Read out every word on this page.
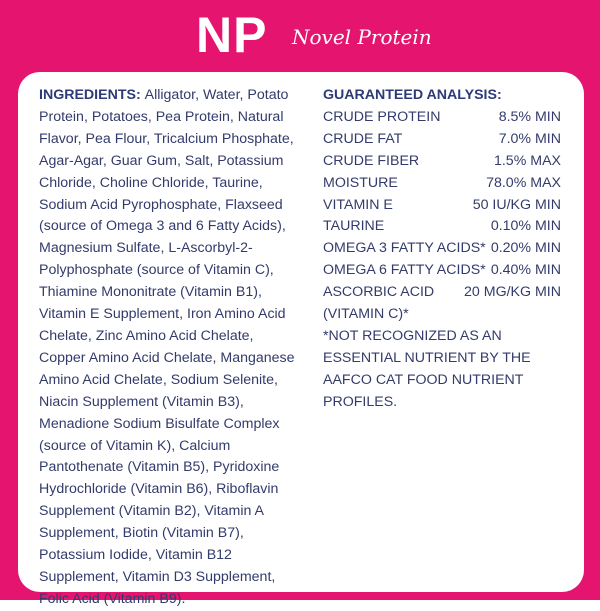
NP Novel Protein
INGREDIENTS: Alligator, Water, Potato Protein, Potatoes, Pea Protein, Natural Flavor, Pea Flour, Tricalcium Phosphate, Agar-Agar, Guar Gum, Salt, Potassium Chloride, Choline Chloride, Taurine, Sodium Acid Pyrophosphate, Flaxseed (source of Omega 3 and 6 Fatty Acids), Magnesium Sulfate, L-Ascorbyl-2-Polyphosphate (source of Vitamin C), Thiamine Mononitrate (Vitamin B1), Vitamin E Supplement, Iron Amino Acid Chelate, Zinc Amino Acid Chelate, Copper Amino Acid Chelate, Manganese Amino Acid Chelate, Sodium Selenite, Niacin Supplement (Vitamin B3), Menadione Sodium Bisulfate Complex (source of Vitamin K), Calcium Pantothenate (Vitamin B5), Pyridoxine Hydrochloride (Vitamin B6), Riboflavin Supplement (Vitamin B2), Vitamin A Supplement, Biotin (Vitamin B7), Potassium Iodide, Vitamin B12 Supplement, Vitamin D3 Supplement, Folic Acid (Vitamin B9).
GUARANTEED ANALYSIS:
CRUDE PROTEIN	8.5% MIN
CRUDE FAT	7.0% MIN
CRUDE FIBER	1.5% MAX
MOISTURE	78.0% MAX
VITAMIN E	50 IU/KG MIN
TAURINE	0.10% MIN
OMEGA 3 FATTY ACIDS* 0.20% MIN
OMEGA 6 FATTY ACIDS* 0.40% MIN
ASCORBIC ACID 20 MG/KG MIN
(VITAMIN C)*
*NOT RECOGNIZED AS AN ESSENTIAL NUTRIENT BY THE AAFCO CAT FOOD NUTRIENT PROFILES.
